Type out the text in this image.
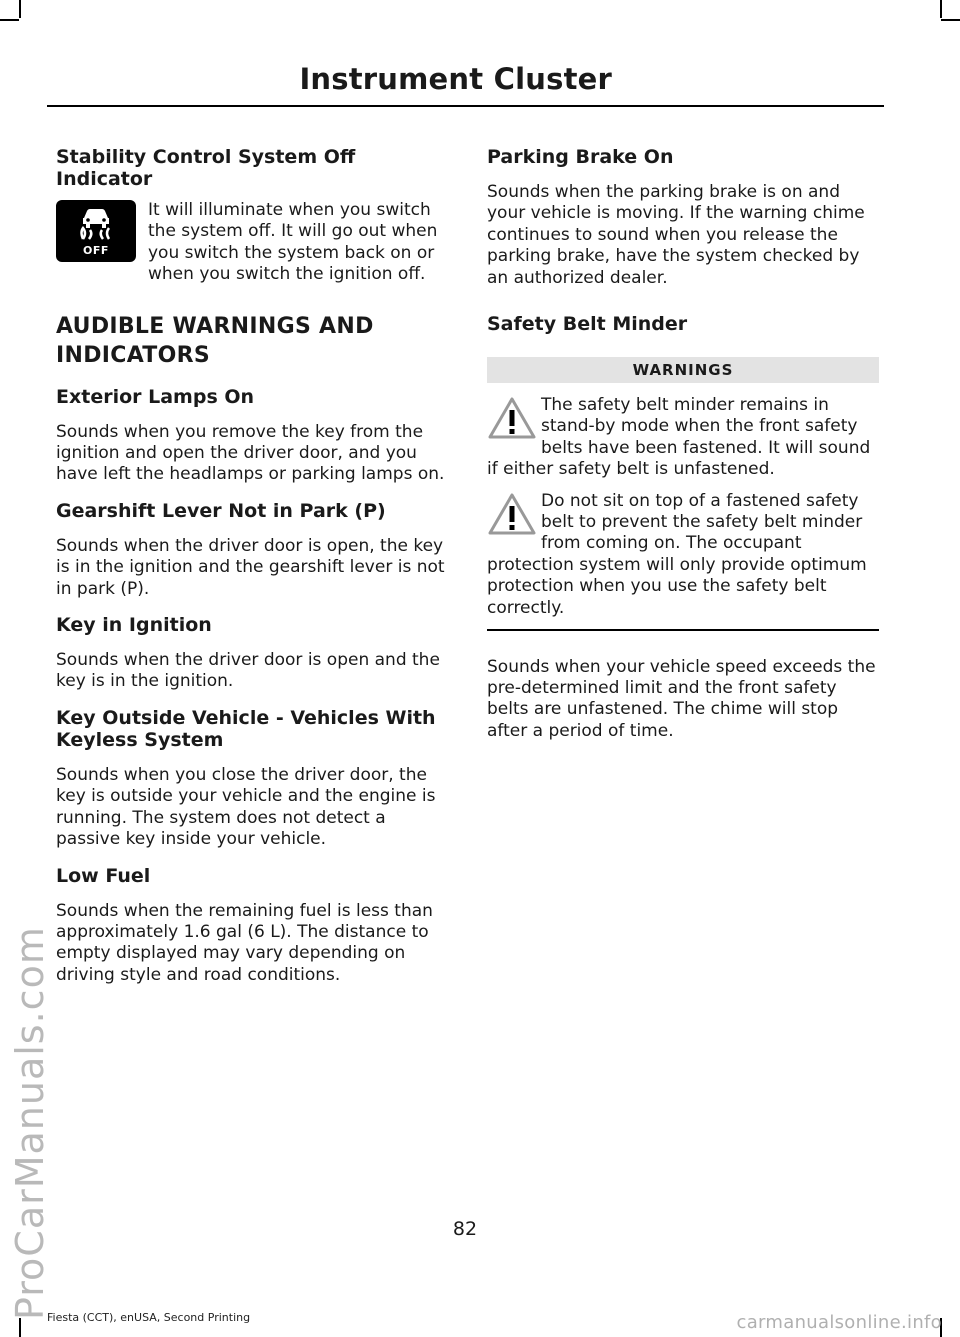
Instrument Cluster
Stability Control System Off Indicator
OFF

It will illuminate when you switch the system off. It will go out when you switch the system back on or when you switch the ignition off.

AUDIBLE WARNINGS AND
INDICATORS
Exterior Lamps On

Sounds when you remove the key from the ignition and open the driver door, and you have left the headlamps or parking lamps on.

Gearshift Lever Not in Park (P)

Sounds when the driver door is open, the key is in the ignition and the gearshift lever is not in park (P).

Key in Ignition

Sounds when the driver door is open and the key is in the ignition.

Key Outside Vehicle - Vehicles With Keyless System

Sounds when you close the driver door, the key is outside your vehicle and the engine is running. The system does not detect a passive key inside your vehicle.

Low Fuel

Sounds when the remaining fuel is less than approximately 1.6 gal (6 L). The distance to empty displayed may vary depending on driving style and road conditions.

Parking Brake On

Sounds when the parking brake is on and your vehicle is moving. If the warning chime continues to sound when you release the parking brake, have the system checked by an authorized dealer.

Safety Belt Minder
WARNINGS
The safety belt minder remains in stand-by mode when the front safety belts have been fastened. It will sound if either safety belt is unfastened.
Do not sit on top of a fastened safety belt to prevent the safety belt minder from coming on. The occupant protection system will only provide optimum protection when you use the safety belt correctly.

Sounds when your vehicle speed exceeds the pre-determined limit and the front safety belts are unfastened. The chime will stop after a period of time.

ProCarManuals.com	82
Fiesta (CCT), enUSA, Second Printing	carmanualsonline.info
